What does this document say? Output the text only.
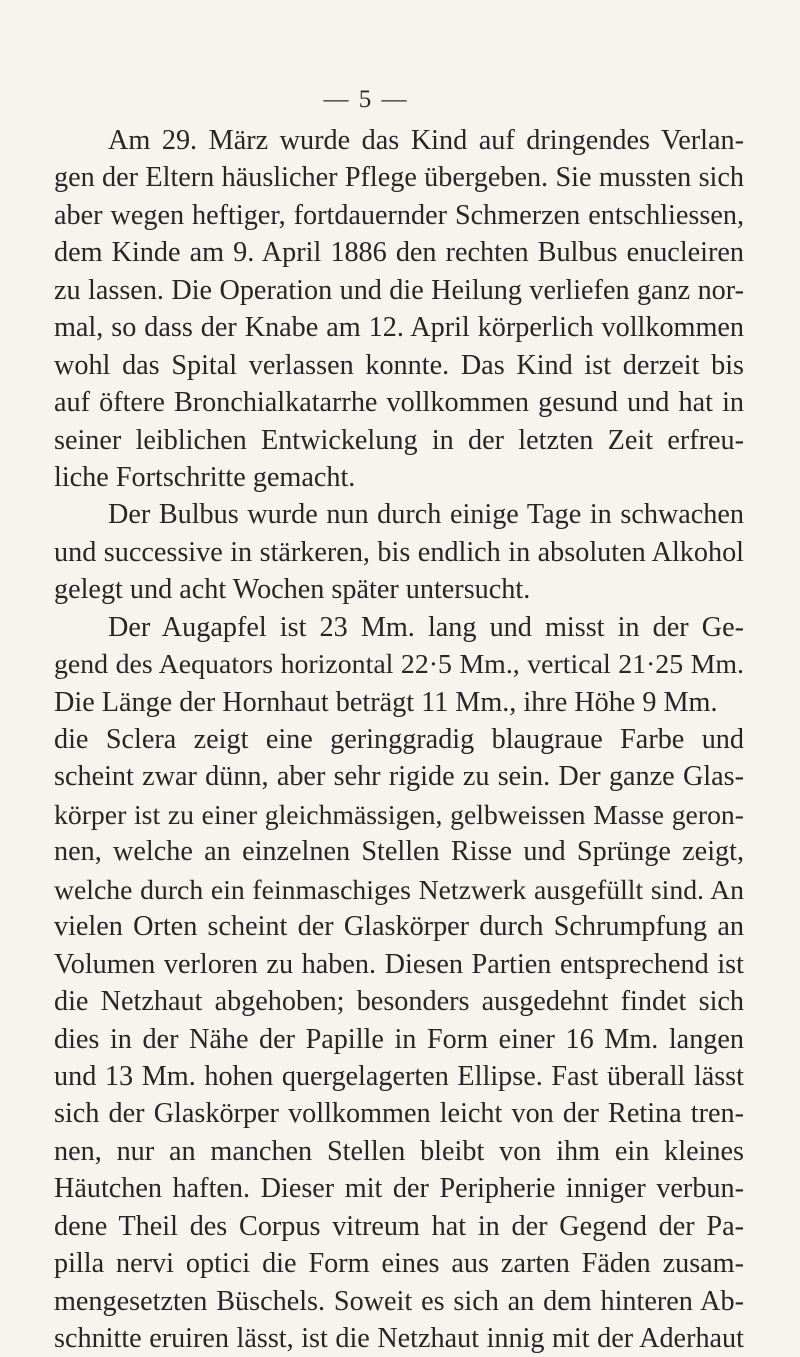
— 5 —
Am 29. März wurde das Kind auf dringendes Verlan-
gen der Eltern häuslicher Pflege übergeben. Sie mussten sich
aber wegen heftiger, fortdauernder Schmerzen entschliessen,
dem Kinde am 9. April 1886 den rechten Bulbus enucleiren
zu lassen. Die Operation und die Heilung verliefen ganz nor-
mal, so dass der Knabe am 12. April körperlich vollkommen
wohl das Spital verlassen konnte. Das Kind ist derzeit bis
auf öftere Bronchialkatarrhe vollkommen gesund und hat in
seiner leiblichen Entwickelung in der letzten Zeit erfreu-
liche Fortschritte gemacht.
Der Bulbus wurde nun durch einige Tage in schwachen
und successive in stärkeren, bis endlich in absoluten Alkohol
gelegt und acht Wochen später untersucht.
Der Augapfel ist 23 Mm. lang und misst in der Ge-
gend des Aequators horizontal 22·5 Mm., vertical 21·25 Mm.
Die Länge der Hornhaut beträgt 11 Mm., ihre Höhe 9 Mm.
die Sclera zeigt eine geringgradig blaugraue Farbe und
scheint zwar dünn, aber sehr rigide zu sein. Der ganze Glas-
körper ist zu einer gleichmässigen, gelbweissen Masse geron-
nen, welche an einzelnen Stellen Risse und Sprünge zeigt,
welche durch ein feinmaschiges Netzwerk ausgefüllt sind. An
vielen Orten scheint der Glaskörper durch Schrumpfung an
Volumen verloren zu haben. Diesen Partien entsprechend ist
die Netzhaut abgehoben; besonders ausgedehnt findet sich
dies in der Nähe der Papille in Form einer 16 Mm. langen
und 13 Mm. hohen quergelagerten Ellipse. Fast überall lässt
sich der Glaskörper vollkommen leicht von der Retina tren-
nen, nur an manchen Stellen bleibt von ihm ein kleines
Häutchen haften. Dieser mit der Peripherie inniger verbun-
dene Theil des Corpus vitreum hat in der Gegend der Pa-
pilla nervi optici die Form eines aus zarten Fäden zusam-
mengesetzten Büschels. Soweit es sich an dem hinteren Ab-
schnitte eruiren lässt, ist die Netzhaut innig mit der Aderhaut
